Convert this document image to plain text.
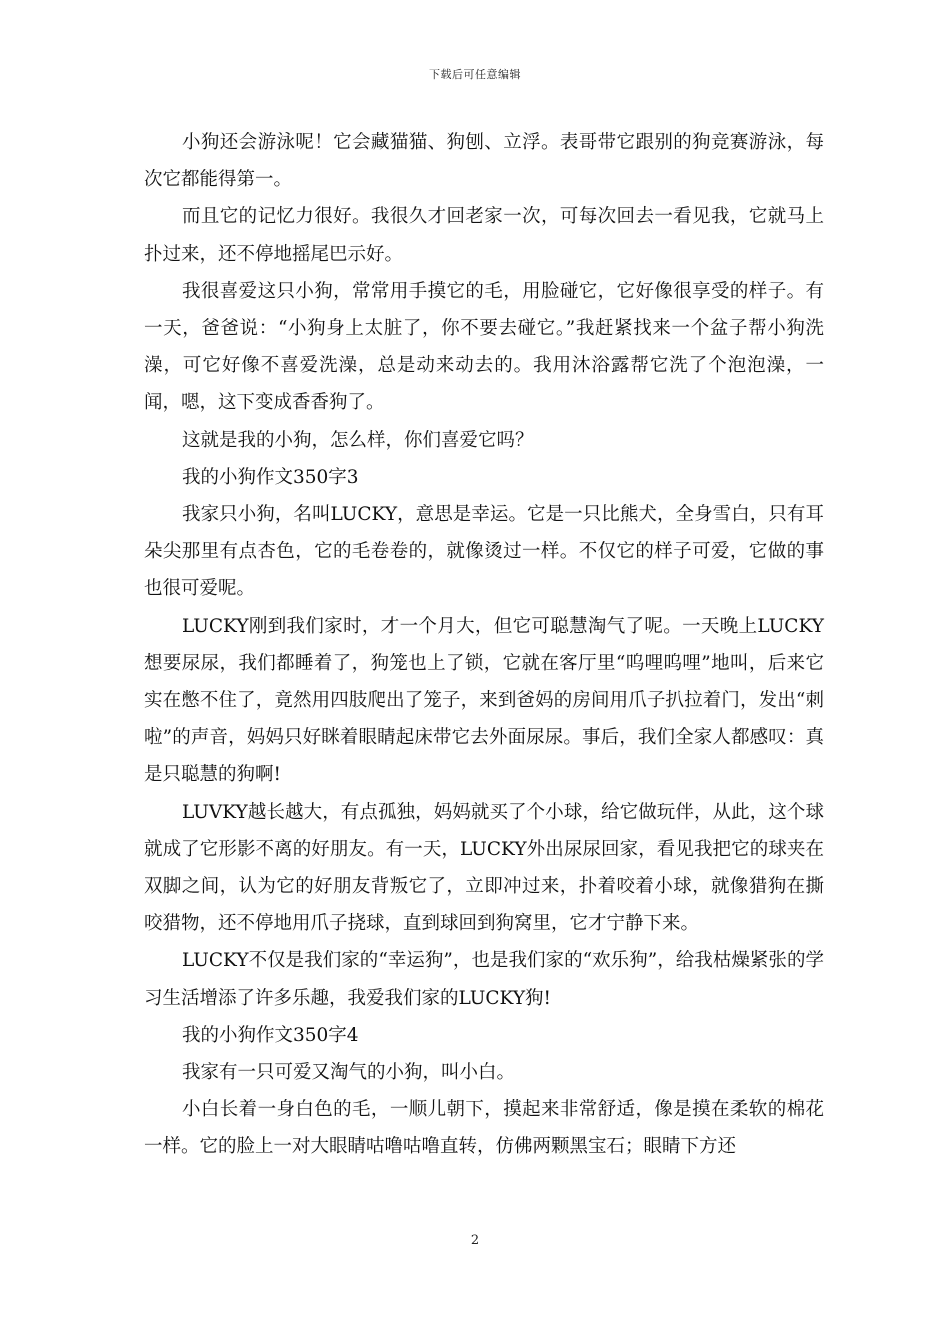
下载后可任意编辑

小狗还会游泳呢！它会藏猫猫、狗刨、立浮。表哥带它跟别的狗竞赛游泳，每次它都能得第一。

而且它的记忆力很好。我很久才回老家一次，可每次回去一看见我，它就马上扑过来，还不停地摇尾巴示好。

我很喜爱这只小狗，常常用手摸它的毛，用脸碰它，它好像很享受的样子。有一天，爸爸说：“小狗身上太脏了，你不要去碰它。”我赶紧找来一个盆子帮小狗洗澡，可它好像不喜爱洗澡，总是动来动去的。我用沐浴露帮它洗了个泡泡澡，一闻，嗯，这下变成香香狗了。

这就是我的小狗，怎么样，你们喜爱它吗？

我的小狗作文350字3

我家只小狗，名叫LUCKY，意思是幸运。它是一只比熊犬，全身雪白，只有耳朵尖那里有点杏色，它的毛卷卷的，就像烫过一样。不仅它的样子可爱，它做的事也很可爱呢。

LUCKY刚到我们家时，才一个月大，但它可聪慧淘气了呢。一天晚上LUCKY想要尿尿，我们都睡着了，狗笼也上了锁，它就在客厅里“呜哩呜哩”地叫，后来它实在憋不住了，竟然用四肢爬出了笼子，来到爸妈的房间用爪子扒拉着门，发出“刺啦”的声音，妈妈只好眯着眼睛起床带它去外面尿尿。事后，我们全家人都感叹：真是只聪慧的狗啊!

LUVKY越长越大，有点孤独，妈妈就买了个小球，给它做玩伴，从此，这个球就成了它形影不离的好朋友。有一天，LUCKY外出尿尿回家，看见我把它的球夹在双脚之间，认为它的好朋友背叛它了，立即冲过来，扑着咬着小球，就像猎狗在撕咬猎物，还不停地用爪子挠球，直到球回到狗窝里，它才宁静下来。

LUCKY不仅是我们家的“幸运狗”，也是我们家的“欢乐狗”，给我枯燥紧张的学习生活增添了许多乐趣，我爱我们家的LUCKY狗!

我的小狗作文350字4

我家有一只可爱又淘气的小狗，叫小白。

小白长着一身白色的毛，一顺儿朝下，摸起来非常舒适，像是摸在柔软的棉花一样。它的脸上一对大眼睛咕噜咕噜直转，仿佛两颗黑宝石；眼睛下方还

2
